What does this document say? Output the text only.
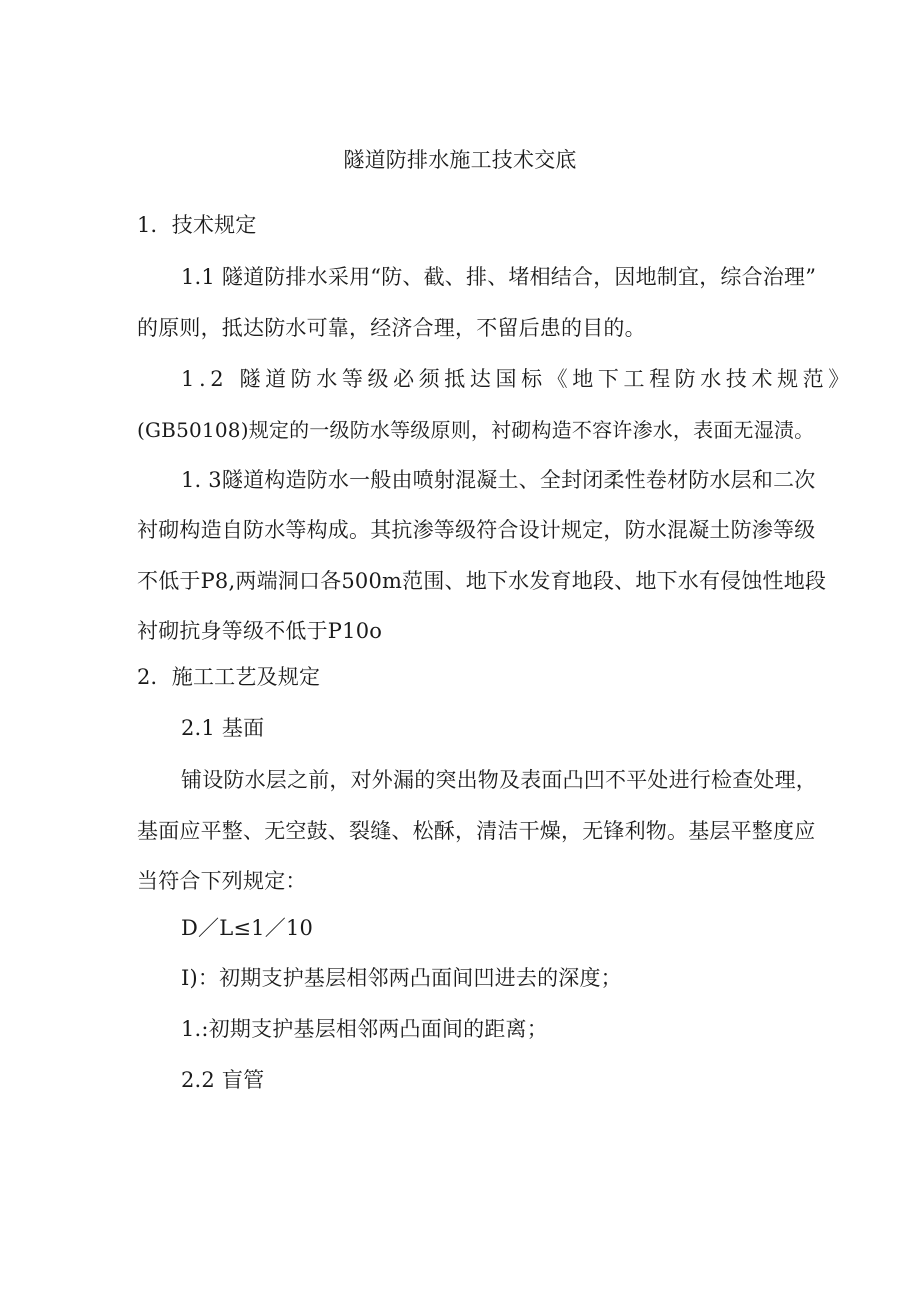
隧道防排水施工技术交底
1．技术规定
1.1 隧道防排水采用“防、截、排、堵相结合，因地制宜，综合治理”
的原则，抵达防水可靠，经济合理，不留后患的目的。
1.2 隧道防水等级必须抵达国标《地下工程防水技术规范》
(GB50108)规定的一级防水等级原则，衬砌构造不容许渗水，表面无湿渍。
1. 3隧道构造防水一般由喷射混凝土、全封闭柔性卷材防水层和二次
衬砌构造自防水等构成。其抗渗等级符合设计规定，防水混凝土防渗等级
不低于P8,两端洞口各500m范围、地下水发育地段、地下水有侵蚀性地段
衬砌抗身等级不低于P10o
2．施工工艺及规定
2.1 基面
铺设防水层之前，对外漏的突出物及表面凸凹不平处进行检查处理，
基面应平整、无空鼓、裂缝、松酥，清洁干燥，无锋利物。基层平整度应
当符合下列规定：
D／L≤1／10
I)：初期支护基层相邻两凸面间凹进去的深度；
1.:初期支护基层相邻两凸面间的距离；
2.2 盲管
